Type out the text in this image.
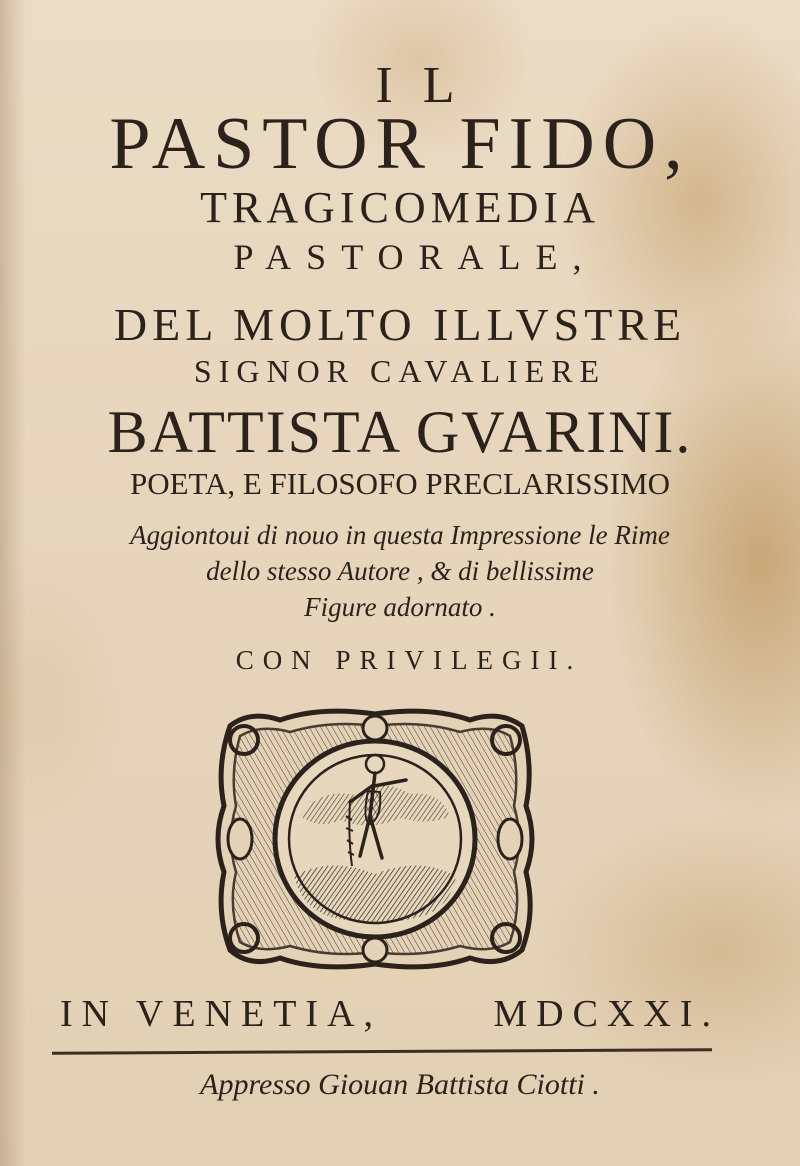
IL

PASTOR FIDO,

TRAGICOMEDIA

PASTORALE,

DEL MOLTO ILLVSTRE

SIGNOR CAVALIERE

BATTISTA GVARINI.

POETA, E FILOSOFO PRECLARISSIMO

Aggiontoui di nouo in questa Impressione le Rime

dello stesso Autore , & di bellissime

Figure adornato .

CON PRIVILEGII.

IN VENETIA,	MDCXXI.

Appresso Giouan Battista Ciotti .
